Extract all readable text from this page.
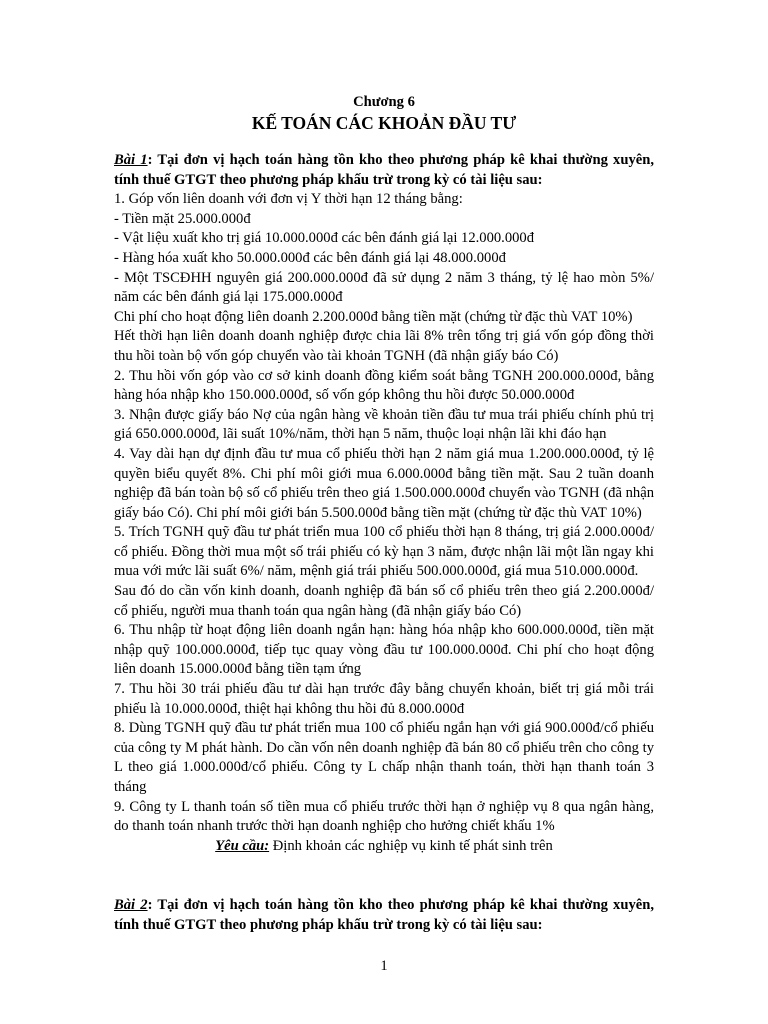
Chương 6
KẾ TOÁN CÁC KHOẢN ĐẦU TƯ

Bài 1: Tại đơn vị hạch toán hàng tồn kho theo phương pháp kê khai thường xuyên, tính thuế GTGT theo phương pháp khấu trừ trong kỳ có tài liệu sau:

1. Góp vốn liên doanh với đơn vị Y thời hạn 12 tháng bằng:

- Tiền mặt 25.000.000đ

- Vật liệu xuất kho trị giá 10.000.000đ các bên đánh giá lại 12.000.000đ

- Hàng hóa xuất kho 50.000.000đ các bên đánh giá lại 48.000.000đ

- Một TSCĐHH nguyên giá 200.000.000đ đã sử dụng 2 năm 3 tháng, tỷ lệ hao mòn 5%/ năm các bên đánh giá lại 175.000.000đ

Chi phí cho hoạt động liên doanh 2.200.000đ bằng tiền mặt (chứng từ đặc thù VAT 10%)

Hết thời hạn liên doanh doanh nghiệp được chia lãi 8% trên tổng trị giá vốn góp đồng thời thu hồi toàn bộ vốn góp chuyển vào tài khoản TGNH (đã nhận giấy báo Có)

2. Thu hồi vốn góp vào cơ sở kinh doanh đồng kiểm soát bằng TGNH 200.000.000đ, bằng hàng hóa nhập kho 150.000.000đ, số vốn góp không thu hồi được 50.000.000đ

3. Nhận được giấy báo Nợ của ngân hàng về khoản tiền đầu tư mua trái phiếu chính phủ trị giá 650.000.000đ, lãi suất 10%/năm, thời hạn 5 năm, thuộc loại nhận lãi khi đáo hạn

4. Vay dài hạn dự định đầu tư mua cổ phiếu thời hạn 2 năm giá mua 1.200.000.000đ, tỷ lệ quyền biểu quyết 8%. Chi phí môi giới mua 6.000.000đ bằng tiền mặt. Sau 2 tuần doanh nghiệp đã bán toàn bộ số cổ phiếu trên theo giá 1.500.000.000đ chuyển vào TGNH (đã nhận giấy báo Có). Chi phí môi giới bán 5.500.000đ bằng tiền mặt (chứng từ đặc thù VAT 10%)

5. Trích TGNH quỹ đầu tư phát triển mua 100 cổ phiếu thời hạn 8 tháng, trị giá 2.000.000đ/ cổ phiếu. Đồng thời mua một số trái phiếu có kỳ hạn 3 năm, được nhận lãi một lần ngay khi mua với mức lãi suất 6%/ năm, mệnh giá trái phiếu 500.000.000đ, giá mua 510.000.000đ.

Sau đó do cần vốn kinh doanh, doanh nghiệp đã bán số cổ phiếu trên theo giá 2.200.000đ/ cổ phiếu, người mua thanh toán qua ngân hàng (đã nhận giấy báo Có)

6. Thu nhập từ hoạt động liên doanh ngắn hạn: hàng hóa nhập kho 600.000.000đ, tiền mặt nhập quỹ 100.000.000đ, tiếp tục quay vòng đầu tư 100.000.000đ. Chi phí cho hoạt động liên doanh 15.000.000đ bằng tiền tạm ứng

7. Thu hồi 30 trái phiếu đầu tư dài hạn trước đây bằng chuyển khoản, biết trị giá mỗi trái phiếu là 10.000.000đ, thiệt hại không thu hồi đủ 8.000.000đ

8. Dùng TGNH quỹ đầu tư phát triển mua 100 cổ phiếu ngắn hạn với giá 900.000đ/cổ phiếu của công ty M phát hành. Do cần vốn nên doanh nghiệp đã bán 80 cổ phiếu trên cho công ty L theo giá 1.000.000đ/cổ phiếu. Công ty L chấp nhận thanh toán, thời hạn thanh toán 3 tháng

9. Công ty L thanh toán số tiền mua cổ phiếu trước thời hạn ở nghiệp vụ 8 qua ngân hàng, do thanh toán nhanh trước thời hạn doanh nghiệp cho hưởng chiết khấu 1%

Yêu cầu: Định khoản các nghiệp vụ kinh tế phát sinh trên

Bài 2: Tại đơn vị hạch toán hàng tồn kho theo phương pháp kê khai thường xuyên, tính thuế GTGT theo phương pháp khấu trừ trong kỳ có tài liệu sau:

1
